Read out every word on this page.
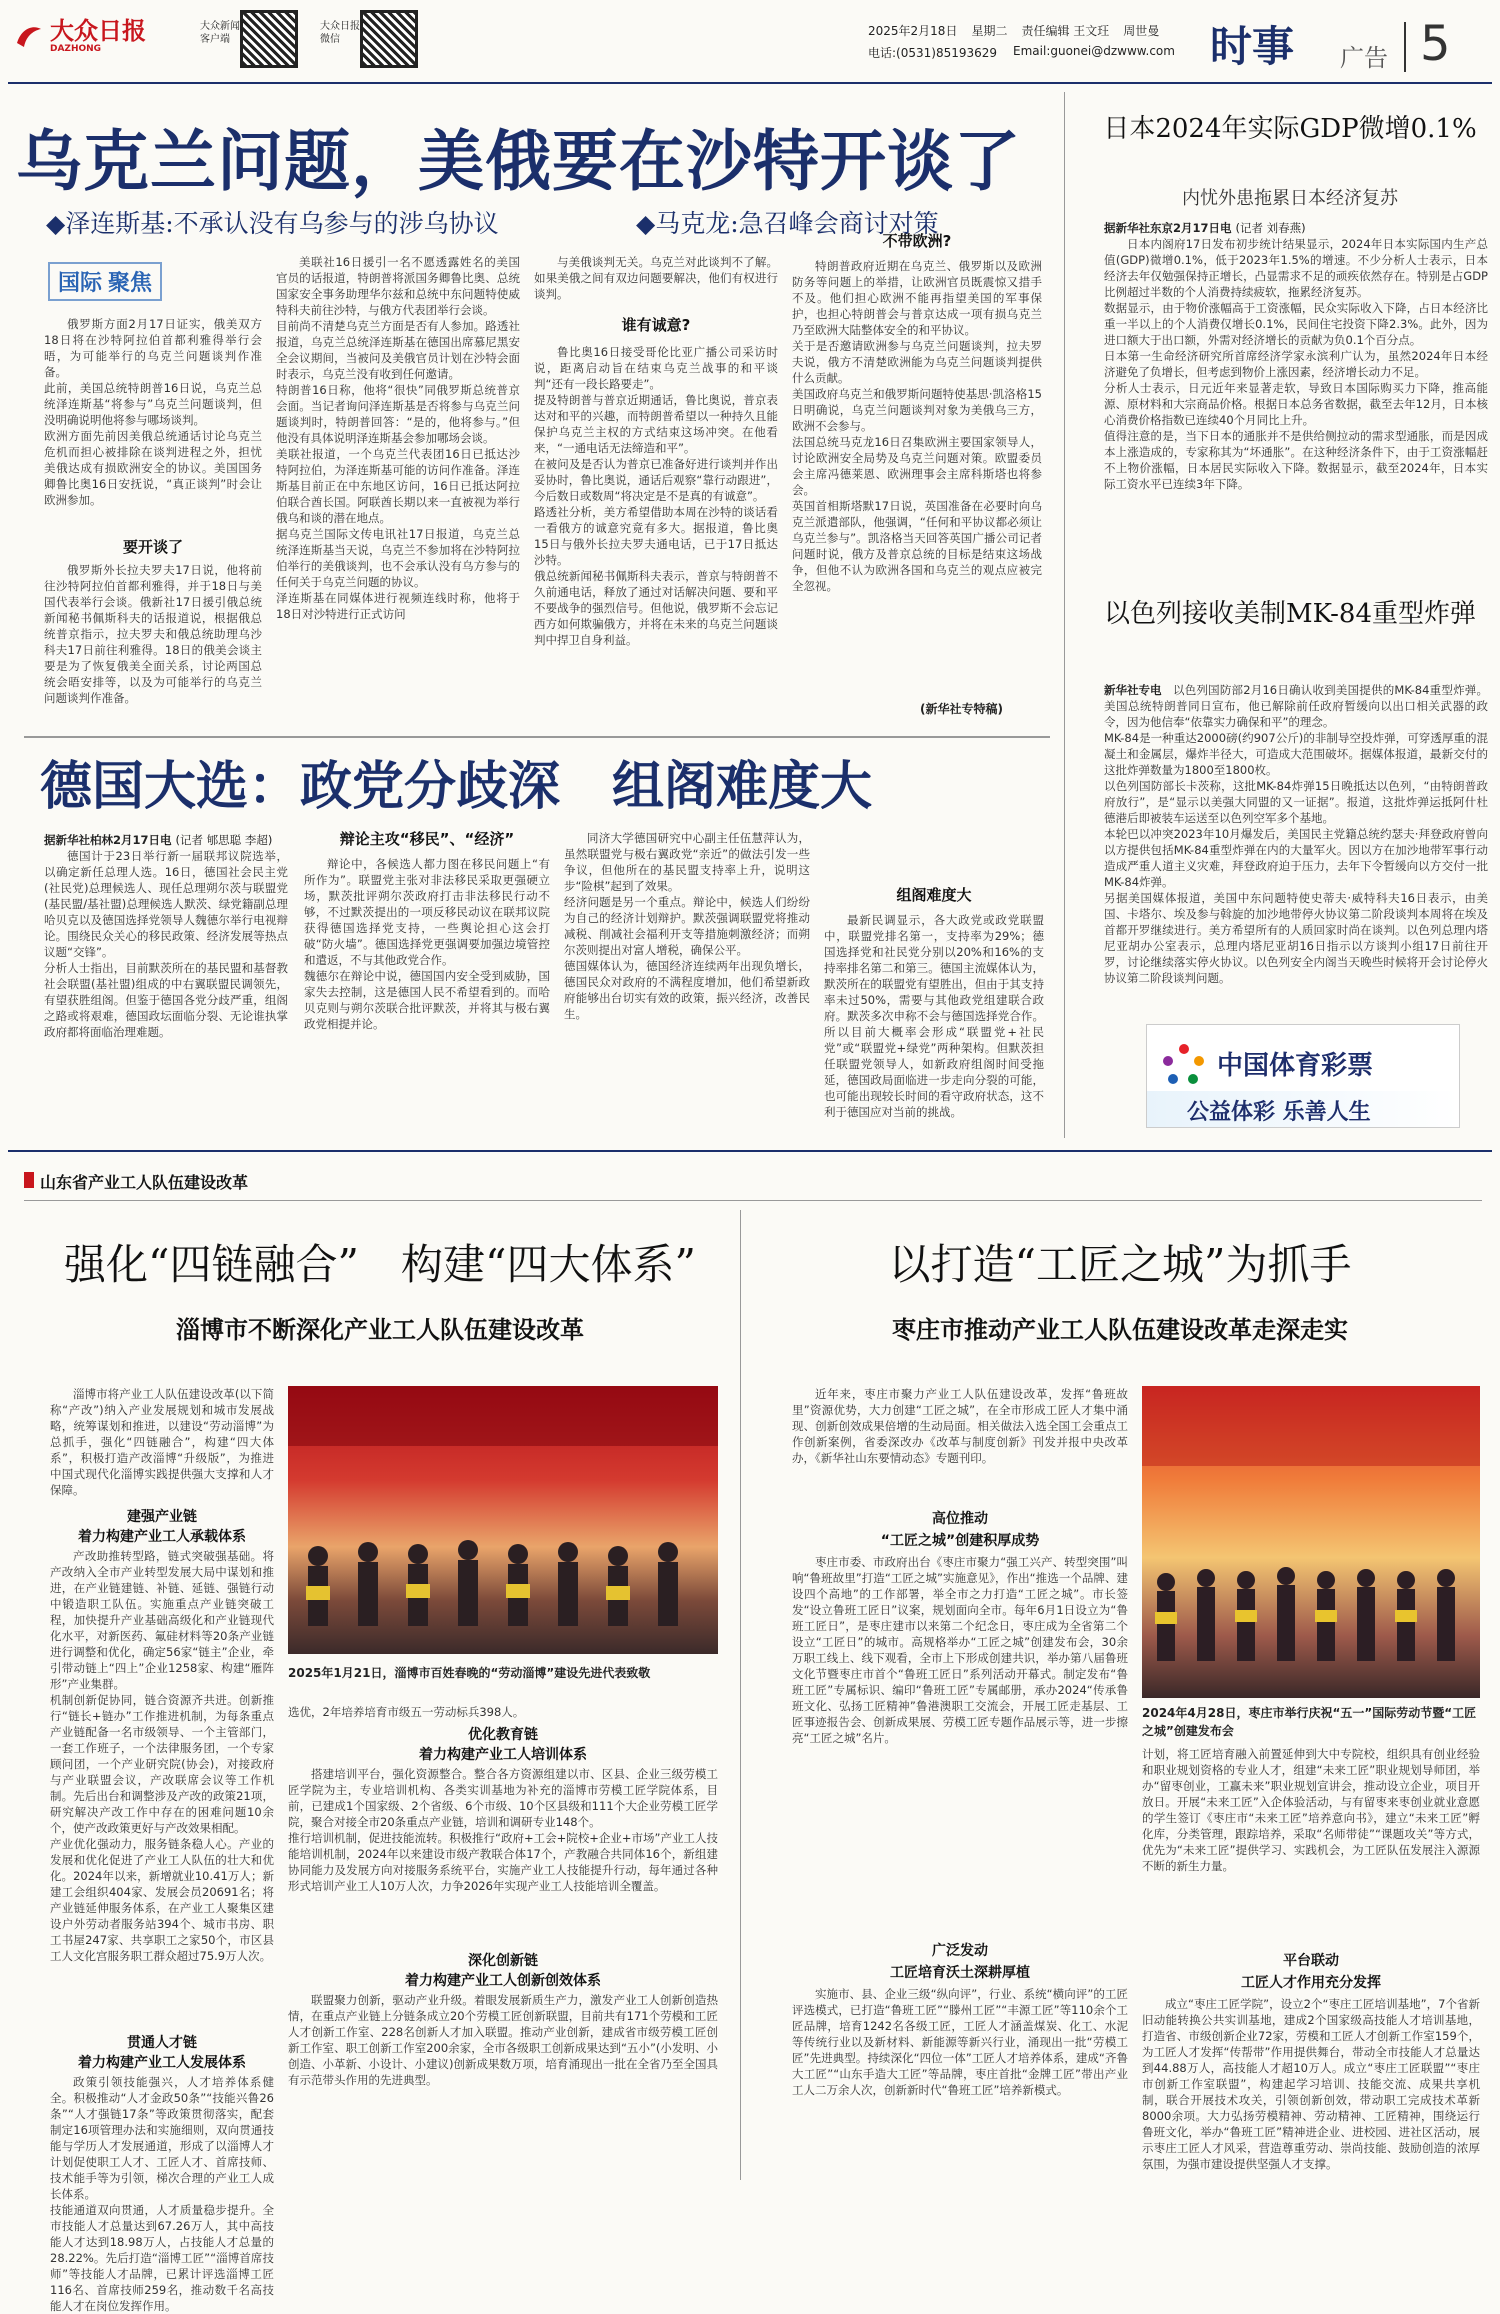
大众日报
DAZHONG
大众新闻客户端
大众日报微信
2025年2月18日 星期二 责任编辑 王文玨 周世曼
电话:(0531)85193629 Email:guonei@dzwww.com 时事 广告 5
乌克兰问题，美俄要在沙特开谈了
◆泽连斯基:不承认没有乌参与的涉乌协议	◆马克龙:急召峰会商讨对策
国际 聚焦
俄罗斯方面2月17日证实，俄美双方18日将在沙特阿拉伯首都利雅得举行会晤，为可能举行的乌克兰问题谈判作准备。
此前，美国总统特朗普16日说，乌克兰总统泽连斯基“将参与”乌克兰问题谈判，但没明确说明他将参与哪场谈判。
欧洲方面先前因美俄总统通话讨论乌克兰危机而担心被排除在谈判进程之外，担忧美俄达成有损欧洲安全的协议。美国国务卿鲁比奥16日安抚说，“真正谈判”时会让欧洲参加。
要开谈了
俄罗斯外长拉夫罗夫17日说，他将前往沙特阿拉伯首都利雅得，并于18日与美国代表举行会谈。俄新社17日援引俄总统新闻秘书佩斯科夫的话报道说，根据俄总统普京指示，拉夫罗夫和俄总统助理乌沙科夫17日前往利雅得。18日的俄美会谈主要是为了恢复俄美全面关系，讨论两国总统会晤安排等，以及为可能举行的乌克兰问题谈判作准备。
美联社16日援引一名不愿透露姓名的美国官员的话报道，特朗普将派国务卿鲁比奥、总统国家安全事务助理华尔兹和总统中东问题特使威特科夫前往沙特，与俄方代表团举行会谈。
目前尚不清楚乌克兰方面是否有人参加。路透社报道，乌克兰总统泽连斯基在德国出席慕尼黑安全会议期间，当被问及美俄官员计划在沙特会面时表示，乌克兰没有收到任何邀请。
特朗普16日称，他将“很快”同俄罗斯总统普京会面。当记者询问泽连斯基是否将参与乌克兰问题谈判时，特朗普回答：“是的，他将参与。”但他没有具体说明泽连斯基会参加哪场会谈。
美联社报道，一个乌克兰代表团16日已抵达沙特阿拉伯，为泽连斯基可能的访问作准备。泽连斯基目前正在中东地区访问，16日已抵达阿拉伯联合酋长国。阿联酋长期以来一直被视为举行俄乌和谈的潜在地点。
据乌克兰国际文传电讯社17日报道，乌克兰总统泽连斯基当天说，乌克兰不参加将在沙特阿拉伯举行的美俄谈判，也不会承认没有乌方参与的任何关于乌克兰问题的协议。
泽连斯基在同媒体进行视频连线时称，他将于18日对沙特进行正式访问
与美俄谈判无关。乌克兰对此谈判不了解。如果美俄之间有双边问题要解决，他们有权进行谈判。
谁有诚意?
鲁比奥16日接受哥伦比亚广播公司采访时说，距离启动旨在结束乌克兰战事的和平谈判“还有一段长路要走”。
提及特朗普与普京近期通话，鲁比奥说，普京表达对和平的兴趣，而特朗普希望以一种持久且能保护乌克兰主权的方式结束这场冲突。在他看来，“一通电话无法缔造和平”。
在被问及是否认为普京已准备好进行谈判并作出妥协时，鲁比奥说，通话后观察“靠行动跟进”，今后数日或数周“将决定是不是真的有诚意”。
路透社分析，美方希望借助本周在沙特的谈话看一看俄方的诚意究竟有多大。据报道，鲁比奥15日与俄外长拉夫罗夫通电话，已于17日抵达沙特。
俄总统新闻秘书佩斯科夫表示，普京与特朗普不久前通电话，释放了通过对话解决问题、要和平不要战争的强烈信号。但他说，俄罗斯不会忘记西方如何欺骗俄方，并将在未来的乌克兰问题谈判中捍卫自身利益。
不带欧洲?
特朗普政府近期在乌克兰、俄罗斯以及欧洲防务等问题上的举措，让欧洲官员既震惊又措手不及。他们担心欧洲不能再指望美国的军事保护，也担心特朗普会与普京达成一项有损乌克兰乃至欧洲大陆整体安全的和平协议。
关于是否邀请欧洲参与乌克兰问题谈判，拉夫罗夫说，俄方不清楚欧洲能为乌克兰问题谈判提供什么贡献。
美国政府乌克兰和俄罗斯问题特使基思·凯洛格15日明确说，乌克兰问题谈判对象为美俄乌三方，欧洲不会参与。
法国总统马克龙16日召集欧洲主要国家领导人，讨论欧洲安全局势及乌克兰问题对策。欧盟委员会主席冯德莱恩、欧洲理事会主席科斯塔也将参会。
英国首相斯塔默17日说，英国准备在必要时向乌克兰派遣部队，他强调，“任何和平协议都必须让乌克兰参与”。凯洛格当天回答英国广播公司记者问题时说，俄方及普京总统的目标是结束这场战争，但他不认为欧洲各国和乌克兰的观点应被完全忽视。
(新华社专特稿)
日本2024年实际GDP微增0.1%
内忧外患拖累日本经济复苏
据新华社东京2月17日电 (记者 刘春燕)
日本内阁府17日发布初步统计结果显示，2024年日本实际国内生产总值(GDP)微增0.1%，低于2023年1.5%的增速。不少分析人士表示，日本经济去年仅勉强保持正增长，凸显需求不足的顽疾依然存在。特别是占GDP比例超过半数的个人消费持续疲软，拖累经济复苏。
数据显示，由于物价涨幅高于工资涨幅，民众实际收入下降，占日本经济比重一半以上的个人消费仅增长0.1%，民间住宅投资下降2.3%。此外，因为进口额大于出口额，外需对经济增长的贡献为负0.1个百分点。
日本第一生命经济研究所首席经济学家永滨利广认为，虽然2024年日本经济避免了负增长，但考虑到物价上涨因素，经济增长动力不足。
分析人士表示，日元近年来显著走软，导致日本国际购买力下降，推高能源、原材料和大宗商品价格。根据日本总务省数据，截至去年12月，日本核心消费价格指数已连续40个月同比上升。
值得注意的是，当下日本的通胀并不是供给侧拉动的需求型通胀，而是因成本上涨造成的，专家称其为“坏通胀”。在这种经济条件下，由于工资涨幅赶不上物价涨幅，日本居民实际收入下降。数据显示，截至2024年，日本实际工资水平已连续3年下降。
以色列接收美制MK-84重型炸弹
新华社专电	以色列国防部2月16日确认收到美国提供的MK-84重型炸弹。美国总统特朗普同日宣布，他已解除前任政府暂缓向以出口相关武器的政令，因为他信奉“依靠实力确保和平”的理念。
MK-84是一种重达2000磅(约907公斤)的非制导空投炸弹，可穿透厚重的混凝土和金属层，爆炸半径大，可造成大范围破坏。据媒体报道，最新交付的这批炸弹数量为1800至1800枚。
以色列国防部长卡茨称，这批MK-84炸弹15日晚抵达以色列，“由特朗普政府放行”，是“显示以美强大同盟的又一证据”。报道，这批炸弹运抵阿什杜德港后即被装车运送至以色列空军多个基地。
本轮巴以冲突2023年10月爆发后，美国民主党籍总统约瑟夫·拜登政府曾向以方提供包括MK-84重型炸弹在内的大量军火。因以方在加沙地带军事行动造成严重人道主义灾难，拜登政府迫于压力，去年下令暂缓向以方交付一批MK-84炸弹。
另据美国媒体报道，美国中东问题特使史蒂夫·威特科夫16日表示，由美国、卡塔尔、埃及参与斡旋的加沙地带停火协议第二阶段谈判本周将在埃及首都开罗继续进行。美方希望所有的人质回家时尚在谈判。以色列总理内塔尼亚胡办公室表示，总理内塔尼亚胡16日指示以方谈判小组17日前往开罗，讨论继续落实停火协议。以色列安全内阁当天晚些时候将开会讨论停火协议第二阶段谈判问题。
中国体育彩票
公益体彩 乐善人生
德国大选：政党分歧深　组阁难度大
据新华社柏林2月17日电 (记者 郇思聪 李超)
德国计于23日举行新一届联邦议院选举，以确定新任总理人选。16日，德国社会民主党(社民党)总理候选人、现任总理朔尔茨与联盟党(基民盟/基社盟)总理候选人默茨、绿党籍副总理哈贝克以及德国选择党领导人魏德尔举行电视辩论。围绕民众关心的移民政策、经济发展等热点议题“交锋”。
分析人士指出，目前默茨所在的基民盟和基督教社会联盟(基社盟)组成的中右翼联盟民调领先，有望获胜组阁。但鉴于德国各党分歧严重，组阁之路或将艰难，德国政坛面临分裂、无论谁执掌政府都将面临治理难题。
辩论主攻“移民”、“经济”
辩论中，各候选人都力图在移民问题上“有所作为”。联盟党主张对非法移民采取更强硬立场，默茨批评朔尔茨政府打击非法移民行动不够，不过默茨提出的一项反移民动议在联邦议院获得德国选择党支持，一些舆论担心这会打破“防火墙”。德国选择党更强调要加强边境管控和遣返，不与其他政党合作。
魏德尔在辩论中说，德国国内安全受到威胁，国家失去控制，这是德国人民不希望看到的。而哈贝克则与朔尔茨联合批评默茨，并将其与极右翼政党相提并论。
同济大学德国研究中心副主任伍慧萍认为，虽然联盟党与极右翼政党“亲近”的做法引发一些争议，但他所在的基民盟支持率上升，说明这步“险棋”起到了效果。
经济问题是另一个重点。辩论中，候选人们纷纷为自己的经济计划辩护。默茨强调联盟党将推动减税、削减社会福利开支等措施刺激经济；而朔尔茨则提出对富人增税，确保公平。
德国媒体认为，德国经济连续两年出现负增长，德国民众对政府的不满程度增加，他们希望新政府能够出台切实有效的政策，振兴经济，改善民生。
组阁难度大
最新民调显示，各大政党或政党联盟中，联盟党排名第一，支持率为29%；德国选择党和社民党分别以20%和16%的支持率排名第二和第三。德国主流媒体认为，默茨所在的联盟党有望胜出，但由于其支持率未过50%，需要与其他政党组建联合政府。默茨多次申称不会与德国选择党合作。所以目前大概率会形成“联盟党+社民党”或“联盟党+绿党”两种架构。但默茨担任联盟党领导人，如新政府组阁时间受拖延，德国政局面临进一步走向分裂的可能，也可能出现较长时间的看守政府状态，这不利于德国应对当前的挑战。
山东省产业工人队伍建设改革
强化“四链融合”　构建“四大体系”
淄博市不断深化产业工人队伍建设改革
淄博市将产业工人队伍建设改革(以下简称“产改”)纳入产业发展规划和城市发展战略，统筹谋划和推进，以建设“劳动淄博”为总抓手，强化“四链融合”，构建“四大体系”，积极打造产改淄博“升级版”，为推进中国式现代化淄博实践提供强大支撑和人才保障。
建强产业链
着力构建产业工人承载体系
产改助推转型路，链式突破强基础。将产改纳入全市产业转型发展大局中谋划和推进，在产业链建链、补链、延链、强链行动中锻造职工队伍。实施重点产业链突破工程，加快提升产业基础高级化和产业链现代化水平，对新医药、氟硅材料等20条产业链进行调整和优化，确定56家“链主”企业，牵引带动链上“四上”企业1258家、构建“雁阵形”产业集群。
机制创新促协同，链合资源齐共进。创新推行“链长+链办”工作推进机制，为每条重点产业链配备一名市级领导、一个主管部门，一套工作班子，一个法律服务团，一个专家顾问团，一个产业研究院(协会)，对接政府与产业联盟会议，产改联席会议等工作机制。先后出台和调整涉及产改的政策21项，研究解决产改工作中存在的困难问题10余个，使产改政策更好与产改效果相配。
产业优化强动力，服务链条稳人心。产业的发展和优化促进了产业工人队伍的壮大和优化。2024年以来，新增就业10.41万人；新建工会组织404家、发展会员20691名；将产业链延伸服务体系，在产业工人聚集区建设户外劳动者服务站394个、城市书房、职工书屋247家、共享职工之家50个，市区县工人文化宫服务职工群众超过75.9万人次。
2025年1月21日，淄博市百姓春晚的“劳动淄博”建设先进代表致敬
选优，2年培养培育市级五一劳动标兵398人。
优化教育链
着力构建产业工人培训体系
搭建培训平台，强化资源整合。整合各方资源组建以市、区县、企业三级劳模工匠学院为主，专业培训机构、各类实训基地为补充的淄博市劳模工匠学院体系，目前，已建成1个国家级、2个省级、6个市级、10个区县级和111个大企业劳模工匠学院，聚合对接全市20条重点产业链，培训和调研专业148个。
推行培训机制，促进技能流转。积极推行“政府+工会+院校+企业+市场”产业工人技能培训机制，2024年以来建设市级产教联合体17个，产教融合共同体16个，新组建协同能力及发展方向对接服务系统平台，实施产业工人技能提升行动，每年通过各种形式培训产业工人10万人次，力争2026年实现产业工人技能培训全覆盖。
深化创新链
着力构建产业工人创新创效体系
联盟聚力创新，驱动产业升级。着眼发展新质生产力，激发产业工人创新创造热情，在重点产业链上分链条成立20个劳模工匠创新联盟，目前共有171个劳模和工匠人才创新工作室、228名创新人才加入联盟。推动产业创新，建成省市级劳模工匠创新工作室、职工创新工作室200余家，全市各级职工创新成果达到“五小”(小发明、小创造、小革新、小设计、小建议)创新成果数万项，培育涌现出一批在全省乃至全国具有示范带头作用的先进典型。
贯通人才链
着力构建产业工人发展体系
政策引领技能强兴，人才培养体系健全。积极推动“人才金政50条”“技能兴鲁26条”“人才强链17条”等政策贯彻落实，配套制定16项管理办法和实施细则，双向贯通技能与学历人才发展通道，形成了以淄博人才计划促使职工人才、工匠人才、首席技师、技术能手等为引领，梯次合理的产业工人成长体系。
技能通道双向贯通，人才质量稳步提升。全市技能人才总量达到67.26万人，其中高技能人才达到18.98万人，占技能人才总量的28.22%。先后打造“淄博工匠”“淄博首席技师”等技能人才品牌，已累计评选淄博工匠116名、首席技师259名，推动数千名高技能人才在岗位发挥作用。
以打造“工匠之城”为抓手
枣庄市推动产业工人队伍建设改革走深走实
近年来，枣庄市聚力产业工人队伍建设改革，发挥“鲁班故里”资源优势，大力创建“工匠之城”，在全市形成工匠人才集中涌现、创新创效成果倍增的生动局面。相关做法入选全国工会重点工作创新案例，省委深改办《改革与制度创新》刊发并报中央改革办，《新华社山东要情动态》专题刊印。
高位推动
“工匠之城”创建积厚成势
枣庄市委、市政府出台《枣庄市聚力“强工兴产、转型突围”叫响“鲁班故里”打造“工匠之城”实施意见》，作出“推选一个品牌、建设四个高地”的工作部署，举全市之力打造“工匠之城”。市长签发“设立鲁班工匠日”议案，规划面向全市。每年6月1日设立为“鲁班工匠日”，是枣庄建市以来第二个纪念日，枣庄成为全省第二个设立“工匠日”的城市。高规格举办“工匠之城”创建发布会，30余万职工线上、线下观看，全市上下形成创建共识，举办第八届鲁班文化节暨枣庄市首个“鲁班工匠日”系列活动开幕式。制定发布“鲁班工匠”专属标识、编印“鲁班工匠”专属邮册，承办2024“传承鲁班文化、弘扬工匠精神”鲁港澳职工交流会，开展工匠走基层、工匠事迹报告会、创新成果展、劳模工匠专题作品展示等，进一步擦亮“工匠之城”名片。
广泛发动
工匠培育沃土深耕厚植
实施市、县、企业三级“纵向评”，行业、系统“横向评”的工匠评选模式，已打造“鲁班工匠”“滕州工匠”“丰源工匠”等110余个工匠品牌，培育1242名各级工匠，工匠人才涵盖煤炭、化工、水泥等传统行业以及新材料、新能源等新兴行业，涌现出一批“劳模工匠”先进典型。持续深化“四位一体”工匠人才培养体系，建成“齐鲁大工匠”“山东手造大工匠”等品牌，枣庄首批“金牌工匠”带出产业工人二万余人次，创新新时代“鲁班工匠”培养新模式。
2024年4月28日，枣庄市举行庆祝“五一”国际劳动节暨“工匠之城”创建发布会
计划，将工匠培育融入前置延伸到大中专院校，组织具有创业经验和职业规划资格的专业人才，组建“未来工匠”职业规划导师团，举办“留枣创业，工赢未来”职业规划宣讲会，推动设立企业，项目开放日。开展“未来工匠”入企体验活动，与有留枣来枣创业就业意愿的学生签订《枣庄市“未来工匠”培养意向书》，建立“未来工匠”孵化库，分类管理，跟踪培养，采取“名师带徒”“课题攻关”等方式，优先为“未来工匠”提供学习、实践机会，为工匠队伍发展注入源源不断的新生力量。
平台联动
工匠人才作用充分发挥
成立“枣庄工匠学院”，设立2个“枣庄工匠培训基地”，7个省新旧动能转换公共实训基地，建成2个国家级高技能人才培训基地，打造省、市级创新企业72家，劳模和工匠人才创新工作室159个，为工匠人才发挥“传帮带”作用提供舞台，带动全市技能人才总量达到44.88万人，高技能人才超10万人。成立“枣庄工匠联盟”“枣庄市创新工作室联盟”，构建起学习培训、技能交流、成果共享机制，联合开展技术攻关，引领创新创效，带动职工完成技术革新8000余项。大力弘扬劳模精神、劳动精神、工匠精神，围绕运行鲁班文化，举办“鲁班工匠”精神进企业、进校园、进社区活动，展示枣庄工匠人才风采，营造尊重劳动、崇尚技能、鼓励创造的浓厚氛围，为强市建设提供坚强人才支撑。
